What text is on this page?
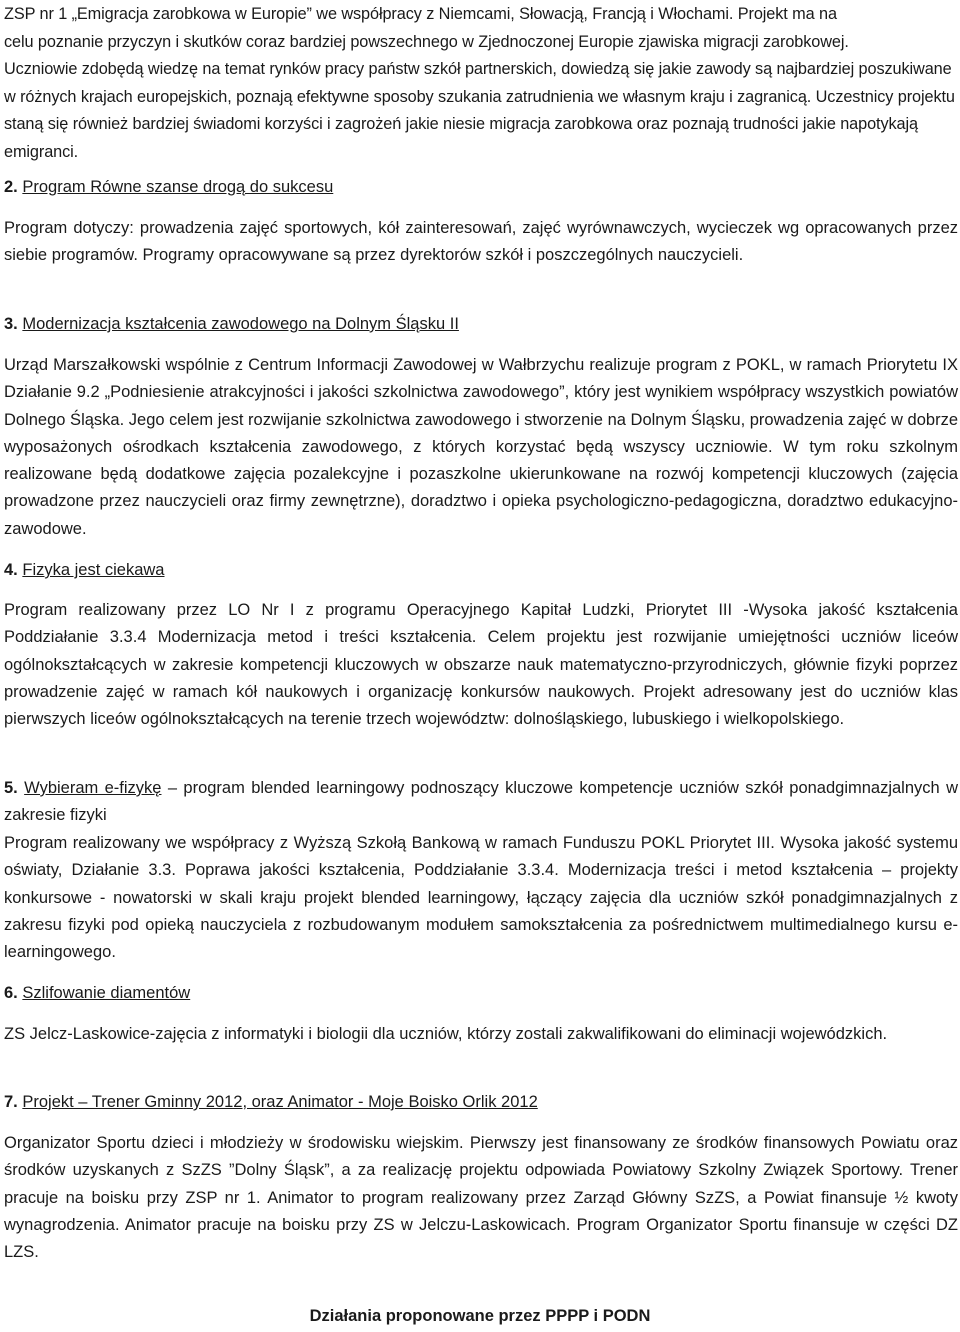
ZSP nr 1 „Emigracja zarobkowa w Europie” we współpracy z Niemcami, Słowacją, Francją i Włochami. Projekt ma na

celu poznanie przyczyn i skutków coraz bardziej powszechnego w Zjednoczonej Europie zjawiska migracji zarobkowej.

Uczniowie zdobędą wiedzę na temat rynków pracy państw szkół partnerskich, dowiedzą się jakie zawody są najbardziej poszukiwane w różnych krajach europejskich, poznają efektywne sposoby szukania zatrudnienia we własnym kraju i zagranicą. Uczestnicy projektu staną się również bardziej świadomi korzyści i zagrożeń jakie niesie migracja zarobkowa oraz poznają trudności jakie napotykają emigranci.

2. Program Równe szanse drogą do sukcesu

Program dotyczy: prowadzenia zajęć sportowych, kół zainteresowań, zajęć wyrównawczych, wycieczek wg opracowanych przez siebie programów. Programy opracowywane są przez dyrektorów szkół i poszczególnych nauczycieli.

3. Modernizacja kształcenia zawodowego na Dolnym Śląsku II

Urząd Marszałkowski wspólnie z Centrum Informacji Zawodowej w Wałbrzychu realizuje program z POKL, w ramach Priorytetu IX Działanie 9.2 „Podniesienie atrakcyjności i jakości szkolnictwa zawodowego”, który jest wynikiem współpracy wszystkich powiatów Dolnego Śląska. Jego celem jest rozwijanie szkolnictwa zawodowego i stworzenie na Dolnym Śląsku, prowadzenia zajęć w dobrze wyposażonych ośrodkach kształcenia zawodowego, z których korzystać będą wszyscy uczniowie. W tym roku szkolnym realizowane będą dodatkowe zajęcia pozalekcyjne i pozaszkolne ukierunkowane na rozwój kompetencji kluczowych (zajęcia prowadzone przez nauczycieli oraz firmy zewnętrzne), doradztwo i opieka psychologiczno-pedagogiczna, doradztwo edukacyjno-zawodowe.

4. Fizyka jest ciekawa

Program realizowany przez LO Nr I z programu Operacyjnego Kapitał Ludzki, Priorytet III -Wysoka jakość kształcenia Poddziałanie 3.3.4 Modernizacja metod i treści kształcenia. Celem projektu jest rozwijanie umiejętności uczniów liceów ogólnokształcących w zakresie kompetencji kluczowych w obszarze nauk matematyczno-przyrodniczych, głównie fizyki poprzez prowadzenie zajęć w ramach kół naukowych i organizację konkursów naukowych. Projekt adresowany jest do uczniów klas pierwszych liceów ogólnokształcących na terenie trzech województw: dolnośląskiego, lubuskiego i wielkopolskiego.

5. Wybieram e-fizykę – program blended learningowy podnoszący kluczowe kompetencje uczniów szkół ponadgimnazjalnych w zakresie fizyki

Program realizowany we współpracy z Wyższą Szkołą Bankową w ramach Funduszu POKL Priorytet III. Wysoka jakość systemu oświaty, Działanie 3.3. Poprawa jakości kształcenia, Poddziałanie 3.3.4. Modernizacja treści i metod kształcenia – projekty konkursowe - nowatorski w skali kraju projekt blended learningowy, łączący zajęcia dla uczniów szkół ponadgimnazjalnych z zakresu fizyki pod opieką nauczyciela z rozbudowanym modułem samokształcenia za pośrednictwem multimedialnego kursu e-learningowego.

6. Szlifowanie diamentów

ZS Jelcz-Laskowice-zajęcia z informatyki i biologii dla uczniów, którzy zostali zakwalifikowani do eliminacji wojewódzkich.

7. Projekt – Trener Gminny 2012, oraz Animator - Moje Boisko Orlik 2012

Organizator Sportu dzieci i młodzieży w środowisku wiejskim. Pierwszy jest finansowany ze środków finansowych Powiatu oraz środków uzyskanych z SzZS ”Dolny Śląsk”, a za realizację projektu odpowiada Powiatowy Szkolny Związek Sportowy. Trener pracuje na boisku przy ZSP nr 1. Animator to program realizowany przez Zarząd Główny SzZS, a Powiat finansuje ½ kwoty wynagrodzenia. Animator pracuje na boisku przy ZS w Jelczu-Laskowicach. Program Organizator Sportu finansuje w części DZ LZS.

Działania proponowane przez PPPP i PODN
